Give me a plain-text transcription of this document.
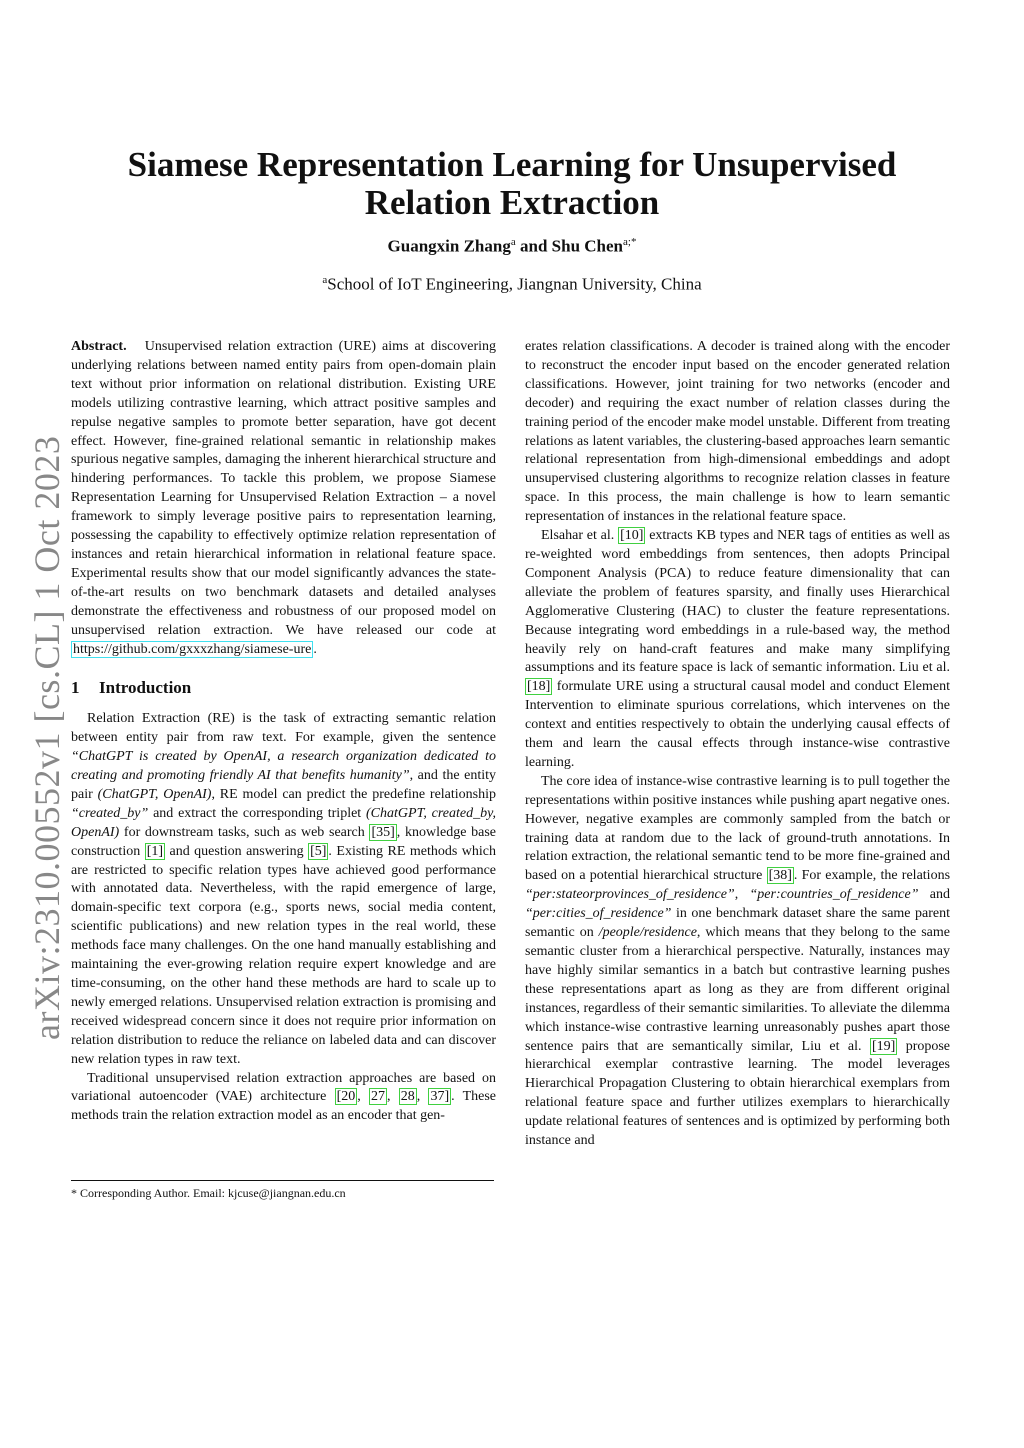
arXiv:2310.00552v1 [cs.CL] 1 Oct 2023
Siamese Representation Learning for Unsupervised
Relation Extraction
Guangxin Zhang$^a$ and Shu Chen$^{a;*}$
$^a$School of IoT Engineering, Jiangnan University, China

Abstract. Unsupervised relation extraction (URE) aims at discovering underlying relations between named entity pairs from open-domain plain text without prior information on relational distribution. Existing URE models utilizing contrastive learning, which attract positive samples and repulse negative samples to promote better separation, have got decent effect. However, fine-grained relational semantic in relationship makes spurious negative samples, damaging the inherent hierarchical structure and hindering performances. To tackle this problem, we propose Siamese Representation Learning for Unsupervised Relation Extraction – a novel framework to simply leverage positive pairs to representation learning, possessing the capability to effectively optimize relation representation of instances and retain hierarchical information in relational feature space. Experimental results show that our model significantly advances the state-of-the-art results on two benchmark datasets and detailed analyses demonstrate the effectiveness and robustness of our proposed model on unsupervised relation extraction. We have released our code at https://github.com/gxxxzhang/siamese-ure .

1 Introduction

Relation Extraction (RE) is the task of extracting semantic relation between entity pair from raw text. For example, given the sentence “ChatGPT is created by OpenAI, a research organization dedicated to creating and promoting friendly AI that benefits humanity”, and the entity pair (ChatGPT, OpenAI), RE model can predict the predefine relationship “created_by” and extract the corresponding triplet (ChatGPT, created_by, OpenAI) for downstream tasks, such as web search [35] , knowledge base construction [1] and question answering [5] . Existing RE methods which are restricted to specific relation types have achieved good performance with annotated data. Nevertheless, with the rapid emergence of large, domain-specific text corpora (e.g., sports news, social media content, scientific publications) and new relation types in the real world, these methods face many challenges. On the one hand manually establishing and maintaining the ever-growing relation require expert knowledge and are time-consuming, on the other hand these methods are hard to scale up to newly emerged relations. Unsupervised relation extraction is promising and received widespread concern since it does not require prior information on relation distribution to reduce the reliance on labeled data and can discover new relation types in raw text.

Traditional unsupervised relation extraction approaches are based on variational autoencoder (VAE) architecture [20 , 27 , 28 , 37] . These methods train the relation extraction model as an encoder that gen-

* Corresponding Author. Email: kjcuse@jiangnan.edu.cn

erates relation classifications. A decoder is trained along with the encoder to reconstruct the encoder input based on the encoder generated relation classifications. However, joint training for two networks (encoder and decoder) and requiring the exact number of relation classes during the training period of the encoder make model unstable. Different from treating relations as latent variables, the clustering-based approaches learn semantic relational representation from high-dimensional embeddings and adopt unsupervised clustering algorithms to recognize relation classes in feature space. In this process, the main challenge is how to learn semantic representation of instances in the relational feature space.

Elsahar et al. [10] extracts KB types and NER tags of entities as well as re-weighted word embeddings from sentences, then adopts Principal Component Analysis (PCA) to reduce feature dimensionality that can alleviate the problem of features sparsity, and finally uses Hierarchical Agglomerative Clustering (HAC) to cluster the feature representations. Because integrating word embeddings in a rule-based way, the method heavily rely on hand-craft features and make many simplifying assumptions and its feature space is lack of semantic information. Liu et al. [18] formulate URE using a structural causal model and conduct Element Intervention to eliminate spurious correlations, which intervenes on the context and entities respectively to obtain the underlying causal effects of them and learn the causal effects through instance-wise contrastive learning.

The core idea of instance-wise contrastive learning is to pull together the representations within positive instances while pushing apart negative ones. However, negative examples are commonly sampled from the batch or training data at random due to the lack of ground-truth annotations. In relation extraction, the relational semantic tend to be more fine-grained and based on a potential hierarchical structure [38] . For example, the relations “per:stateorprovinces_of_residence”, “per:countries_of_residence” and “per:cities_of_residence” in one benchmark dataset share the same parent semantic on /people/residence, which means that they belong to the same semantic cluster from a hierarchical perspective. Naturally, instances may have highly similar semantics in a batch but contrastive learning pushes these representations apart as long as they are from different original instances, regardless of their semantic similarities. To alleviate the dilemma which instance-wise contrastive learning unreasonably pushes apart those sentence pairs that are semantically similar, Liu et al. [19] propose hierarchical exemplar contrastive learning. The model leverages Hierarchical Propagation Clustering to obtain hierarchical exemplars from relational feature space and further utilizes exemplars to hierarchically update relational features of sentences and is optimized by performing both instance and
